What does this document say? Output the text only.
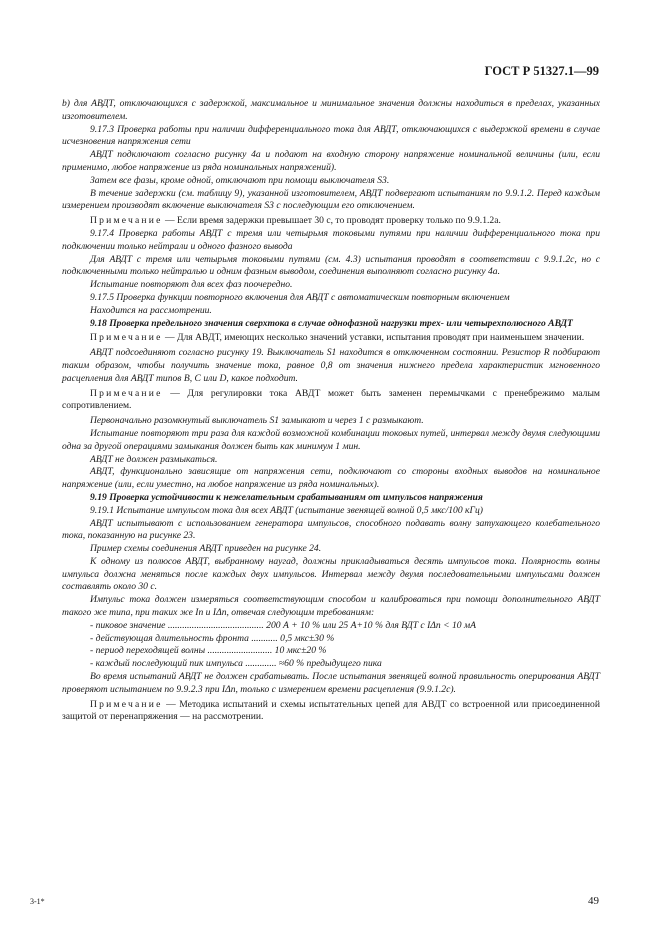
ГОСТ Р 51327.1—99

b) для АВДТ, отключающихся с задержкой, максимальное и минимальное значения должны находиться в пределах, указанных изготовителем.

9.17.3 Проверка работы при наличии дифференциального тока для АВДТ, отключающихся с выдержкой времени в случае исчезновения напряжения сети

АВДТ подключают согласно рисунку 4а и подают на входную сторону напряжение номинальной величины (или, если применимо, любое напряжение из ряда номинальных напряжений).

Затем все фазы, кроме одной, отключают при помощи выключателя S3.

В течение задержки (см. таблицу 9), указанной изготовителем, АВДТ подвергают испытаниям по 9.9.1.2. Перед каждым измерением производят включение выключателя S3 с последующим его отключением.

Примечание — Если время задержки превышает 30 с, то проводят проверку только по 9.9.1.2а.

9.17.4 Проверка работы АВДТ с тремя или четырьмя токовыми путями при наличии дифференциального тока при подключении только нейтрали и одного фазного вывода

Для АВДТ с тремя или четырьмя токовыми путями (см. 4.3) испытания проводят в соответствии с 9.9.1.2с, но с подключенными только нейтралью и одним фазным выводом, соединения выполняют согласно рисунку 4а.

Испытание повторяют для всех фаз поочередно.

9.17.5 Проверка функции повторного включения для АВДТ с автоматическим повторным включением

Находится на рассмотрении.

9.18 Проверка предельного значения сверхтока в случае однофазной нагрузки трех- или четырехполюсного АВДТ

Примечание — Для АВДТ, имеющих несколько значений уставки, испытания проводят при наименьшем значении.

АВДТ подсоединяют согласно рисунку 19. Выключатель S1 находится в отключенном состоянии. Резистор R подбирают таким образом, чтобы получить значение тока, равное 0,8 от значения нижнего предела характеристик мгновенного расцепления для АВДТ типов В, С или D, какое подходит.

Примечание — Для регулировки тока АВДТ может быть заменен перемычками с пренебрежимо малым сопротивлением.

Первоначально разомкнутый выключатель S1 замыкают и через 1 с размыкают.

Испытание повторяют три раза для каждой возможной комбинации токовых путей, интервал между двумя следующими одна за другой операциями замыкания должен быть как минимум 1 мин.

АВДТ не должен размыкаться.

АВДТ, функционально зависящие от напряжения сети, подключают со стороны входных выводов на номинальное напряжение (или, если уместно, на любое напряжение из ряда номинальных).

9.19 Проверка устойчивости к нежелательным срабатываниям от импульсов напряжения

9.19.1 Испытание импульсом тока для всех АВДТ (испытание звенящей волной 0,5 мкс/100 кГц)

АВДТ испытывают с использованием генератора импульсов, способного подавать волну затухающего колебательного тока, показанную на рисунке 23.

Пример схемы соединения АВДТ приведен на рисунке 24.

К одному из полюсов АВДТ, выбранному наугад, должны прикладываться десять импульсов тока. Полярность волны импульса должна меняться после каждых двух импульсов. Интервал между двумя последовательными импульсами должен составлять около 30 с.

Импульс тока должен измеряться соответствующим способом и калиброваться при помощи дополнительного АВДТ такого же типа, при таких же Iп и IΔn, отвечая следующим требованиям:

- пиковое значение ........................................ 200 А + 10 % или 25 А+10 % для ВДТ с IΔn < 10 мА

- действующая длительность фронта ........... 0,5 мкс±30 %

- период переходящей волны ........................... 10 мкс±20 %

- каждый последующий пик импульса ............. ≈60 % предыдущего пика

Во время испытаний АВДТ не должен срабатывать. После испытания звенящей волной правильность оперирования АВДТ проверяют испытанием по 9.9.2.3 при IΔn, только с измерением времени расцепления (9.9.1.2с).

Примечание — Методика испытаний и схемы испытательных цепей для АВДТ со встроенной или присоединенной защитой от перенапряжения — на рассмотрении.

3-1*	49
